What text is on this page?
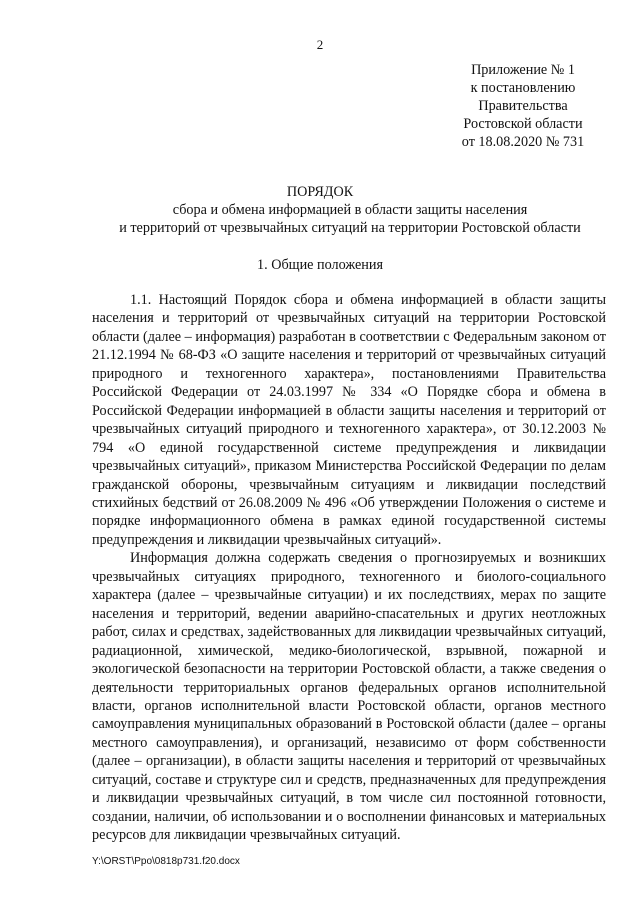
2
Приложение № 1
к постановлению
Правительства
Ростовской области
от 18.08.2020 № 731
ПОРЯДОК
сбора и обмена информацией в области защиты населения
и территорий от чрезвычайных ситуаций на территории Ростовской области
1. Общие положения

1.1. Настоящий Порядок сбора и обмена информацией в области защиты населения и территорий от чрезвычайных ситуаций на территории Ростовской области (далее – информация) разработан в соответствии с Федеральным законом от 21.12.1994 № 68-ФЗ «О защите населения и территорий от чрезвычайных ситуаций природного и техногенного характера», постановлениями Правительства Российской Федерации от 24.03.1997 № 334 «О Порядке сбора и обмена в Российской Федерации информацией в области защиты населения и территорий от чрезвычайных ситуаций природного и техногенного характера», от 30.12.2003 № 794 «О единой государственной системе предупреждения и ликвидации чрезвычайных ситуаций», приказом Министерства Российской Федерации по делам гражданской обороны, чрезвычайным ситуациям и ликвидации последствий стихийных бедствий от 26.08.2009 № 496 «Об утверждении Положения о системе и порядке информационного обмена в рамках единой государственной системы предупреждения и ликвидации чрезвычайных ситуаций».

Информация должна содержать сведения о прогнозируемых и возникших чрезвычайных ситуациях природного, техногенного и биолого-социального характера (далее – чрезвычайные ситуации) и их последствиях, мерах по защите населения и территорий, ведении аварийно-спасательных и других неотложных работ, силах и средствах, задействованных для ликвидации чрезвычайных ситуаций, радиационной, химической, медико-биологической, взрывной, пожарной и экологической безопасности на территории Ростовской области, а также сведения о деятельности территориальных органов федеральных органов исполнительной власти, органов исполнительной власти Ростовской области, органов местного самоуправления муниципальных образований в Ростовской области (далее – органы местного самоуправления), и организаций, независимо от форм собственности (далее – организации), в области защиты населения и территорий от чрезвычайных ситуаций, составе и структуре сил и средств, предназначенных для предупреждения и ликвидации чрезвычайных ситуаций, в том числе сил постоянной готовности, создании, наличии, об использовании и о восполнении финансовых и материальных ресурсов для ликвидации чрезвычайных ситуаций.

Y:\ORST\Ppo\0818p731.f20.docx
